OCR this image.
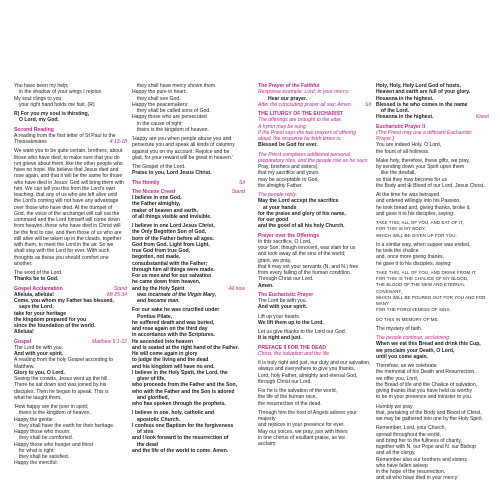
You have been my help;
in the shadow of your wings I rejoice.
My soul clings to you;
your right hand holds me fast. (R)
R) For you my soul is thirsting,
O Lord, my God.
Second Reading
A reading from the first letter of St Paul to the
Thessalonians	4:13-18
We want you to be quite certain, brothers, about
those who have died, to make sure that you do
not grieve about them, like the other people who
have no hope. We believe that Jesus died and
rose again, and that it will be the same for those
who have died in Jesus: God will bring them with
him. We can tell you this from the Lord's own
teaching, that any of us who are left alive until
the Lord's coming will not have any advantage
over those who have died. At the trumpet of
God, the voice of the archangel will call out the
command and the Lord himself will come down
from heaven; those who have died in Christ will
be the first to rise, and then those of us who are
still alive will be taken up in the clouds, together
with them, to meet the Lord in the air. So we
shall stay with the Lord for ever. With such
thoughts as these you should comfort one
another.
The word of the Lord.
Thanks be to God.
Gospel Acclamation	Stand
Alleluia, alleluia!	Mt 25:34
Come, you whom my Father has blessed,
says the Lord;
take for your heritage
the kingdom prepared for you
since the foundation of the world.
Alleluia!
Gospel	Matthew 5:1-12
The Lord be with you.
And with your spirit.
A reading from the holy Gospel according to Matthew.
Glory to you, O Lord.
Seeing the crowds, Jesus went up the hill.
There he sat down and was joined by his
disciples. Then he began to speak. This is
what he taught them:
'How happy are the poor in spirit;
theirs is the kingdom of heaven.
Happy the gentle:
they shall have the earth for their heritage.
Happy those who mourn:
they shall be comforted.
Happy those who hunger and thirst
for what is right:
they shall be satisfied.
Happy the merciful:
they shall have mercy shown them.
Happy the pure in heart:
they shall see God.
Happy the peacemakers:
they shall be called sons of God.
Happy those who are persecuted
in the cause of right:
theirs is the kingdom of heaven.
'Happy are you when people abuse you and
persecute you and speak all kinds of calumny
against you on my account. Rejoice and be
glad, for your reward will be great in heaven.'
The Gospel of the Lord.
Praise to you, Lord Jesus Christ.
The Homily	Sit
The Nicene Creed	Stand
I believe in one God,
the Father almighty,
maker of heaven and earth,
of all things visible and invisible.
I believe in one Lord Jesus Christ,
the Only Begotten Son of God,
born of the Father before all ages.
God from God, Light from Light,
true God from true God,
begotten, not made,
consubstantial with the Father;
through him all things were made.
For us men and for our salvation
he came down from heaven,
and by the Holy Spirit	All bow
was incarnate of the Virgin Mary,
and became man.
For our sake he was crucified under
Pontius Pilate,
he suffered death and was buried,
and rose again on the third day
in accordance with the Scriptures.
He ascended into heaven
and is seated at the right hand of the Father.
He will come again in glory
to judge the living and the dead
and his kingdom will have no end.
I believe in the Holy Spirit, the Lord, the
giver of life,
who proceeds from the Father and the Son,
who with the Father and the Son is adored
and glorified,
who has spoken through the prophets.
I believe in one, holy, catholic and
apostolic Church.
I confess one Baptism for the forgiveness
of sins
and I look forward to the resurrection of
the dead
and the life of the world to come. Amen.
The Prayer of the Faithful
Response example: Lord, in your mercy.
Hear our prayer.
After the concluding prayer all say: Amen.	Sit
THE LITURGY OF THE EUCHARIST
The offerings are brought to the altar.
A hymn may be sung.
If the Priest says the two prayers of offering
aloud, the response for both times is:
Blessed be God for ever.
The Priest completes additional personal
preparatory rites, and the people rise as he says:
Pray, brothers and sisters),
that my sacrifice and yours
may be acceptable to God,
the almighty Father.
The people reply:
May the Lord accept the sacrifice
at your hands
for the praise and glory of his name,
for our good
and the good of all his holy Church.
Prayer over the Offerings
In this sacrifice, O Lord,
your Son, though innocent, was slain for us
and took away all the sins of the world;
grant, we pray,
that it may set your servants (N. and N.) free
from every failing of the human condition.
Through Christ our Lord.
Amen.
The Eucharistic Prayer
The Lord be with you.
And with your spirit.
Lift up your hearts.
We lift them up to the Lord.
Let us give thanks to the Lord our God.
It is right and just.
PREFACE II FOR THE DEAD
Christ, the salvation and the life
It is truly right and just, our duty and our salvation,
always and everywhere to give you thanks,
Lord, holy Father, almighty and eternal God,
through Christ our Lord.
For he is the salvation of the world,
the life of the human race,
the resurrection of the dead.
Through him the host of Angels adores your
majesty
and rejoices in your presence for ever.
May our voices, we pray, join with theirs
in one chorus of exultant praise, as we
acclaim:
Holy, Holy, Holy Lord God of hosts.
Heaven and earth are full of your glory.
Hosanna in the highest.
Blessed is he who comes in the name
of the Lord.
Hosanna in the highest.	Kneel
Eucharistic Prayer II
(The Priest may use a different Eucharistic Prayer.)
You are indeed Holy, O Lord,
the fount of all holiness.
Make holy, therefore, these gifts, we pray,
by sending down your Spirit upon them
like the dewfall,
so that they may become for us
the Body and ✠ Blood of our Lord, Jesus Christ.
At the time he was betrayed
and entered willingly into his Passion,
he took bread and, giving thanks, broke it,
and gave it to his disciples, saying:
TAKE THIS, ALL OF YOU, AND EAT OF IT,
FOR THIS IS MY BODY,
WHICH WILL BE GIVEN UP FOR YOU.
In a similar way, when supper was ended,
he took the chalice
and, once more giving thanks,
he gave it to his disciples, saying:
TAKE THIS, ALL OF YOU, AND DRINK FROM IT,
FOR THIS IS THE CHALICE OF MY BLOOD,
THE BLOOD OF THE NEW AND ETERNAL COVENANT,
WHICH WILL BE POURED OUT FOR YOU AND FOR MANY
FOR THE FORGIVENESS OF SINS.
DO THIS IN MEMORY OF ME.
The mystery of faith.
The people continue, acclaiming:
When we eat this Bread and drink this Cup,
we proclaim your Death, O Lord,
until you come again.
Therefore, as we celebrate
the memorial of his Death and Resurrection,
we offer you, Lord,
the Bread of life and the Chalice of salvation,
giving thanks that you have held us worthy
to be in your presence and minister to you.
Humbly we pray
that, partaking of the Body and Blood of Christ,
we may be gathered into one by the Holy Spirit.
Remember, Lord, your Church,
spread throughout the world,
and bring her to the fullness of charity,
together with N. our Pope and N. our Bishop
and all the clergy.
Remember also our brothers and sisters
who have fallen asleep
in the hope of the resurrection,
and all who have died in your mercy:
